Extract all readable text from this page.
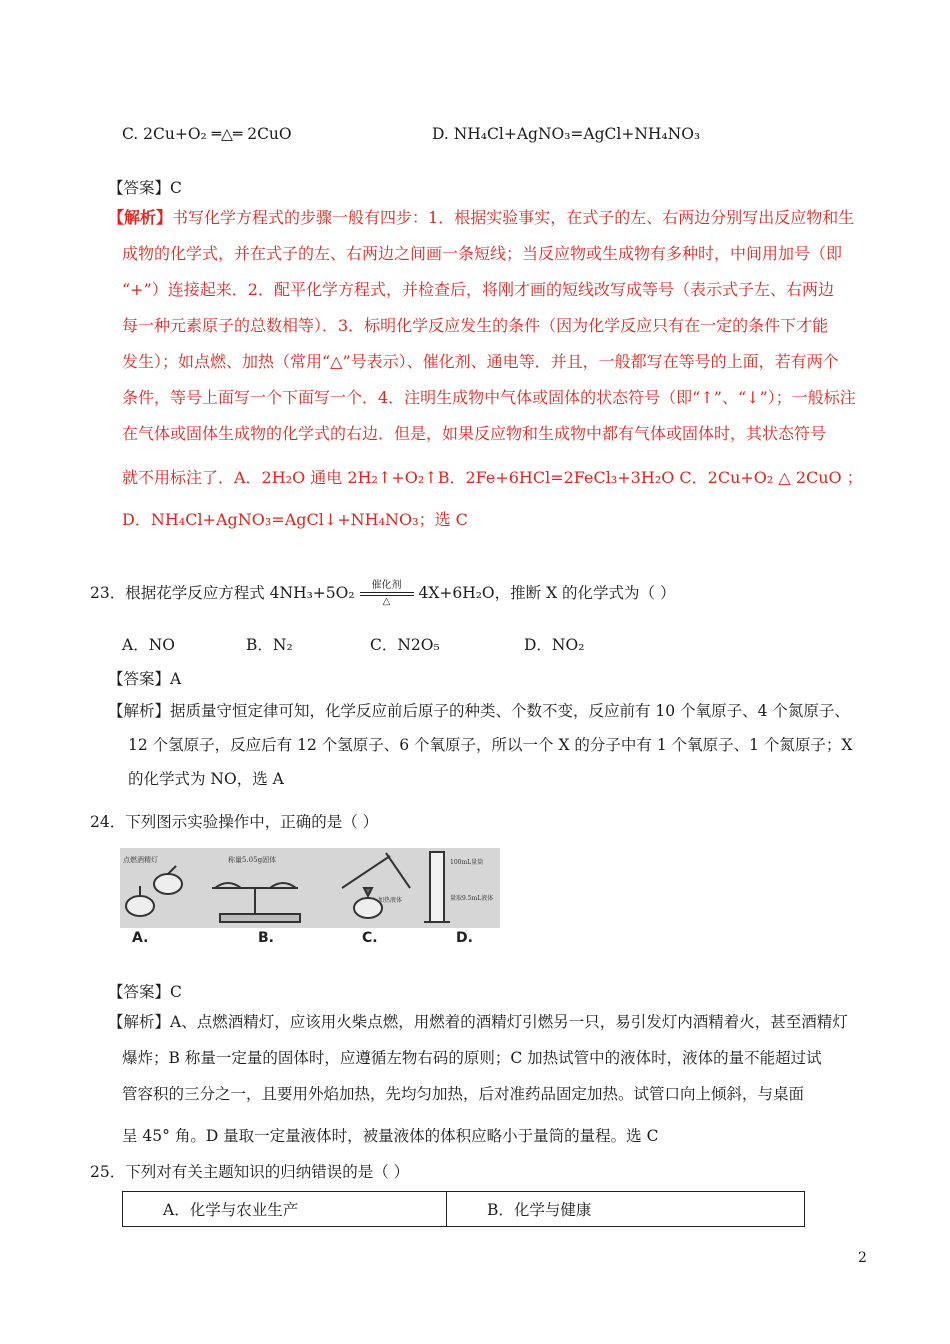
C. 2Cu+O₂ ═△═ 2CuO	D. NH₄Cl+AgNO₃=AgCl+NH₄NO₃
【答案】C
【解析】书写化学方程式的步骤一般有四步：1．根据实验事实，在式子的左、右两边分别写出反应物和生
成物的化学式，并在式子的左、右两边之间画一条短线；当反应物或生成物有多种时，中间用加号（即
“+”）连接起来．2．配平化学方程式，并检查后，将刚才画的短线改写成等号（表示式子左、右两边
每一种元素原子的总数相等）．3．标明化学反应发生的条件（因为化学反应只有在一定的条件下才能
发生）；如点燃、加热（常用“△”号表示）、催化剂、通电等．并且，一般都写在等号的上面，若有两个
条件，等号上面写一个下面写一个．4．注明生成物中气体或固体的状态符号（即“↑”、“↓”）；一般标注
在气体或固体生成物的化学式的右边．但是，如果反应物和生成物中都有气体或固体时，其状态符号
就不用标注了．A．2H₂O 通电 2H₂↑+O₂↑B．2Fe+6HCl=2FeCl₃+3H₂O C．2Cu+O₂ △ 2CuO ；
D．NH₄Cl+AgNO₃=AgCl↓+NH₄NO₃；选 C
23．根据花学反应方程式 4NH₃+5O₂	催化剂
△	4X+6H₂O，推断 X 的化学式为（ ）
A．NO	B．N₂	C．N2O₅	D．NO₂
【答案】A
【解析】据质量守恒定律可知，化学反应前后原子的种类、个数不变，反应前有 10 个氧原子、4 个氮原子、
12 个氢原子，反应后有 12 个氢原子、6 个氧原子，所以一个 X 的分子中有 1 个氧原子、1 个氮原子；X
的化学式为 NO，选 A
24．下列图示实验操作中，正确的是（ ）
点燃酒精灯	称量5.05g固体
加热液体
100mL量筒
量取9.5mL液体
A.	B.	C.	D.
【答案】C
【解析】A、点燃酒精灯，应该用火柴点燃，用燃着的酒精灯引燃另一只，易引发灯内酒精着火，甚至酒精灯
爆炸；B 称量一定量的固体时，应遵循左物右码的原则；C 加热试管中的液体时，液体的量不能超过试
管容积的三分之一，且要用外焰加热，先均匀加热，后对准药品固定加热。试管口向上倾斜，与桌面
呈 45° 角。D 量取一定量液体时，被量液体的体积应略小于量筒的量程。选 C
25．下列对有关主题知识的归纳错误的是（ ）
A．化学与农业生产	B．化学与健康
2
